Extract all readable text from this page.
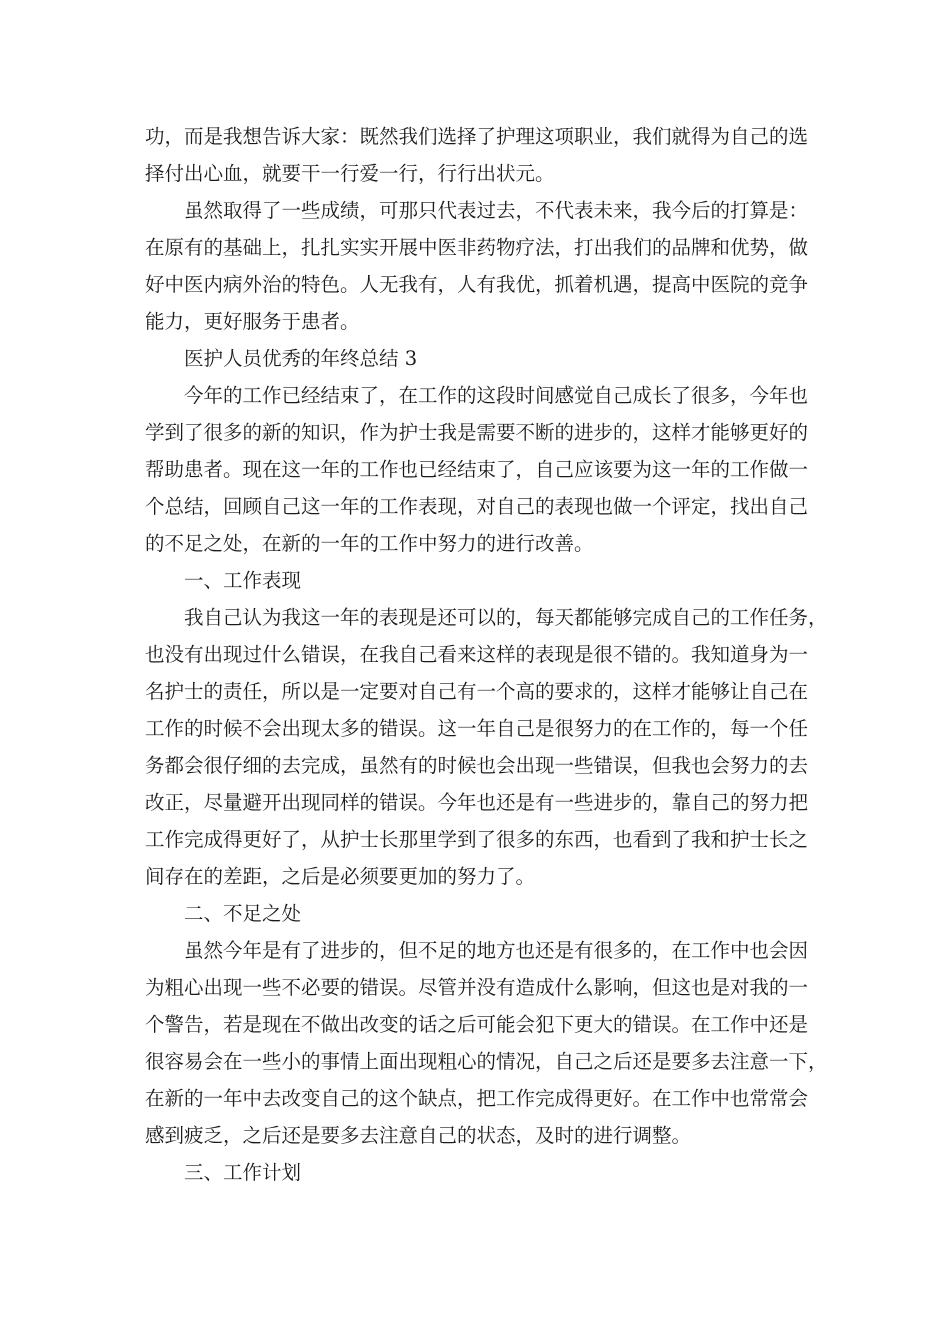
功，而是我想告诉大家：既然我们选择了护理这项职业，我们就得为自己的选
择付出心血，就要干一行爱一行，行行出状元。
虽然取得了一些成绩，可那只代表过去，不代表未来，我今后的打算是：
在原有的基础上，扎扎实实开展中医非药物疗法，打出我们的品牌和优势，做
好中医内病外治的特色。人无我有，人有我优，抓着机遇，提高中医院的竞争
能力，更好服务于患者。
医护人员优秀的年终总结 3
今年的工作已经结束了，在工作的这段时间感觉自己成长了很多，今年也
学到了很多的新的知识，作为护士我是需要不断的进步的，这样才能够更好的
帮助患者。现在这一年的工作也已经结束了，自己应该要为这一年的工作做一
个总结，回顾自己这一年的工作表现，对自己的表现也做一个评定，找出自己
的不足之处，在新的一年的工作中努力的进行改善。
一、工作表现
我自己认为我这一年的表现是还可以的，每天都能够完成自己的工作任务，
也没有出现过什么错误，在我自己看来这样的表现是很不错的。我知道身为一
名护士的责任，所以是一定要对自己有一个高的要求的，这样才能够让自己在
工作的时候不会出现太多的错误。这一年自己是很努力的在工作的，每一个任
务都会很仔细的去完成，虽然有的时候也会出现一些错误，但我也会努力的去
改正，尽量避开出现同样的错误。今年也还是有一些进步的，靠自己的努力把
工作完成得更好了，从护士长那里学到了很多的东西，也看到了我和护士长之
间存在的差距，之后是必须要更加的努力了。
二、不足之处
虽然今年是有了进步的，但不足的地方也还是有很多的，在工作中也会因
为粗心出现一些不必要的错误。尽管并没有造成什么影响，但这也是对我的一
个警告，若是现在不做出改变的话之后可能会犯下更大的错误。在工作中还是
很容易会在一些小的事情上面出现粗心的情况，自己之后还是要多去注意一下，
在新的一年中去改变自己的这个缺点，把工作完成得更好。在工作中也常常会
感到疲乏，之后还是要多去注意自己的状态，及时的进行调整。
三、工作计划
